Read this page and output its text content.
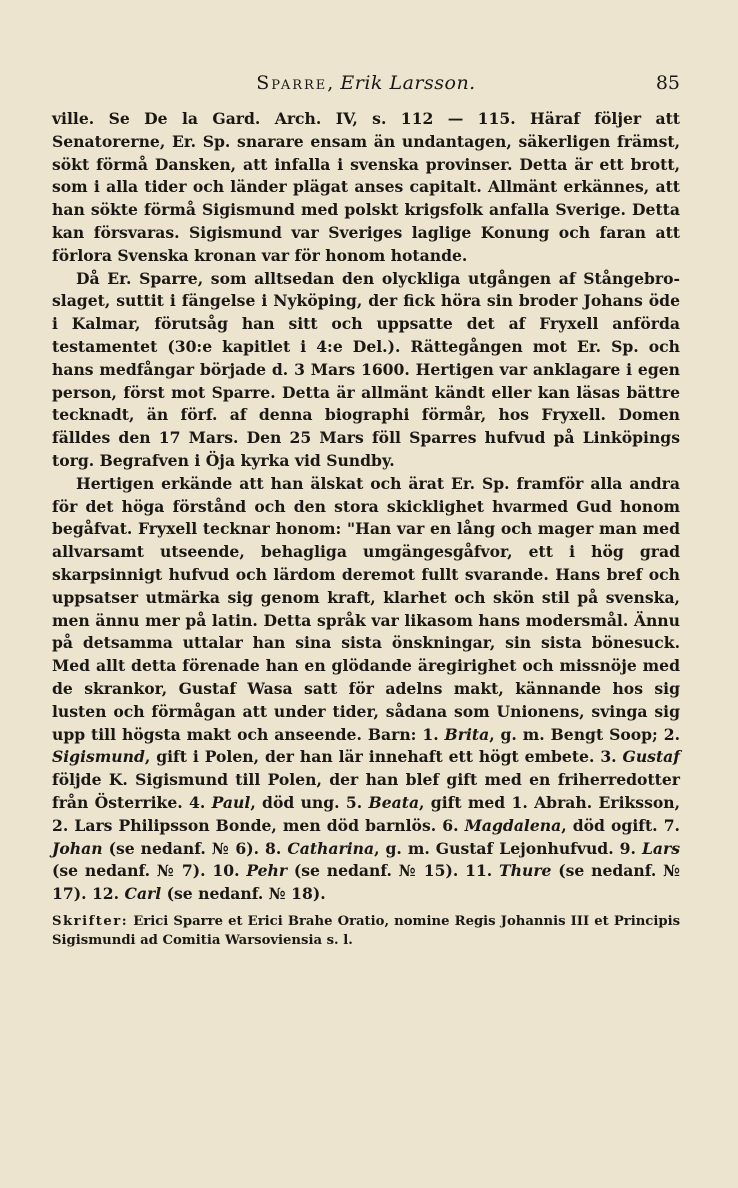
Sparre, Erik Larsson.	85

ville. Se De la Gard. Arch. IV, s. 112 — 115. Häraf följer att Senatorerne, Er. Sp. snarare ensam än undantagen, säkerligen främst, sökt förmå Dansken, att infalla i svenska provinser. Detta är ett brott, som i alla tider och länder plägat anses capitalt. Allmänt erkännes, att han sökte förmå Sigismund med polskt krigsfolk anfalla Sverige. Detta kan försvaras. Sigismund var Sveriges laglige Konung och faran att förlora Svenska kronan var för honom hotande.

Då Er. Sparre, som alltsedan den olyckliga utgången af Stångebro-slaget, suttit i fängelse i Nyköping, der fick höra sin broder Johans öde i Kalmar, förutsåg han sitt och uppsatte det af Fryxell anförda testamentet (30:e kapitlet i 4:e Del.). Rättegången mot Er. Sp. och hans medfångar började d. 3 Mars 1600. Hertigen var anklagare i egen person, först mot Sparre. Detta är allmänt kändt eller kan läsas bättre tecknadt, än förf. af denna biographi förmår, hos Fryxell. Domen fälldes den 17 Mars. Den 25 Mars föll Sparres hufvud på Linköpings torg. Begrafven i Öja kyrka vid Sundby.

Hertigen erkände att han älskat och ärat Er. Sp. framför alla andra för det höga förstånd och den stora skicklighet hvarmed Gud honom begåfvat. Fryxell tecknar honom: "Han var en lång och mager man med allvarsamt utseende, behagliga umgängesgåfvor, ett i hög grad skarpsinnigt hufvud och lärdom deremot fullt svarande. Hans bref och uppsatser utmärka sig genom kraft, klarhet och skön stil på svenska, men ännu mer på latin. Detta språk var likasom hans modersmål. Ännu på detsamma uttalar han sina sista önskningar, sin sista bönesuck. Med allt detta förenade han en glödande äregirighet och missnöje med de skrankor, Gustaf Wasa satt för adelns makt, kännande hos sig lusten och förmågan att under tider, sådana som Unionens, svinga sig upp till högsta makt och anseende. Barn: 1. Brita, g. m. Bengt Soop; 2. Sigismund, gift i Polen, der han lär innehaft ett högt embete. 3. Gustaf följde K. Sigismund till Polen, der han blef gift med en friherredotter från Österrike. 4. Paul, död ung. 5. Beata, gift med 1. Abrah. Eriksson, 2. Lars Philipsson Bonde, men död barnlös. 6. Magdalena, död ogift. 7. Johan (se nedanf. № 6). 8. Catharina, g. m. Gustaf Lejonhufvud. 9. Lars (se nedanf. № 7). 10. Pehr (se nedanf. № 15). 11. Thure (se nedanf. № 17). 12. Carl (se nedanf. № 18).

Skrifter: Erici Sparre et Erici Brahe Oratio, nomine Regis Johannis III et Principis Sigismundi ad Comitia Warsoviensia s. l.
